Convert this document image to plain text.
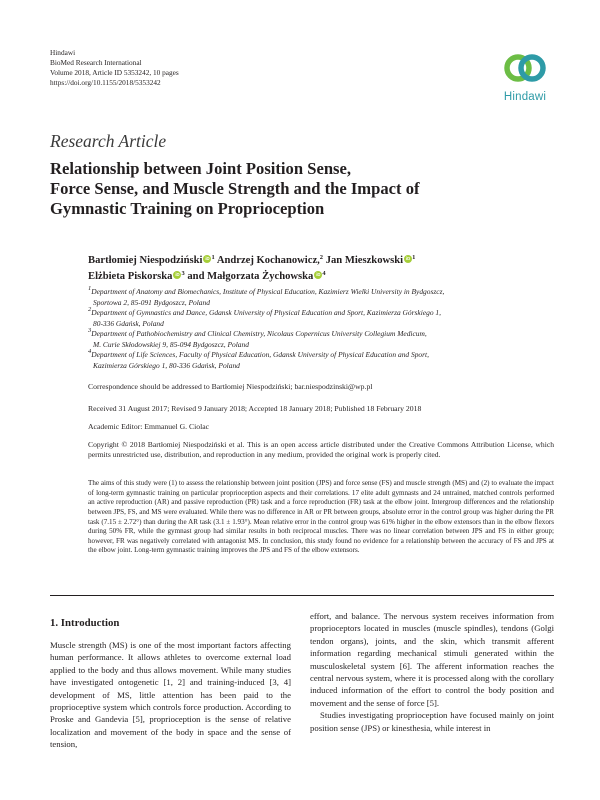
Hindawi
BioMed Research International
Volume 2018, Article ID 5353242, 10 pages
https://doi.org/10.1155/2018/5353242
Hindawi
Research Article
Relationship between Joint Position Sense,
Force Sense, and Muscle Strength and the Impact of
Gymnastic Training on Proprioception
Bartłomiej Niespodziński iD $^1$ Andrzej Kochanowicz,$^2$ Jan Mieszkowski iD $^1$
Elżbieta Piskorska iD $^3$ and Małgorzata Żychowska iD $^4$
$^1$Department of Anatomy and Biomechanics, Institute of Physical Education, Kazimierz Wielki University in Bydgoszcz,
Sportowa 2, 85-091 Bydgoszcz, Poland
$^2$Department of Gymnastics and Dance, Gdansk University of Physical Education and Sport, Kazimierza Górskiego 1,
80-336 Gdańsk, Poland
$^3$Department of Pathobiochemistry and Clinical Chemistry, Nicolaus Copernicus University Collegium Medicum,
M. Curie Skłodowskiej 9, 85-094 Bydgoszcz, Poland
$^4$Department of Life Sciences, Faculty of Physical Education, Gdansk University of Physical Education and Sport,
Kazimierza Górskiego 1, 80-336 Gdańsk, Poland
Correspondence should be addressed to Bartłomiej Niespodziński; bar.niespodzinski@wp.pl
Received 31 August 2017; Revised 9 January 2018; Accepted 18 January 2018; Published 18 February 2018
Academic Editor: Emmanuel G. Ciolac
Copyright © 2018 Bartłomiej Niespodziński et al. This is an open access article distributed under the Creative Commons Attribution License, which permits unrestricted use, distribution, and reproduction in any medium, provided the original work is properly cited.
The aims of this study were (1) to assess the relationship between joint position (JPS) and force sense (FS) and muscle strength (MS) and (2) to evaluate the impact of long-term gymnastic training on particular proprioception aspects and their correlations. 17 elite adult gymnasts and 24 untrained, matched controls performed an active reproduction (AR) and passive reproduction (PR) task and a force reproduction (FR) task at the elbow joint. Intergroup differences and the relationship between JPS, FS, and MS were evaluated. While there was no difference in AR or PR between groups, absolute error in the control group was higher during the PR task (7.15 ± 2.72°) than during the AR task (3.1 ± 1.93°). Mean relative error in the control group was 61% higher in the elbow extensors than in the elbow flexors during 50% FR, while the gymnast group had similar results in both reciprocal muscles. There was no linear correlation between JPS and FS in either group; however, FR was negatively correlated with antagonist MS. In conclusion, this study found no evidence for a relationship between the accuracy of FS and JPS at the elbow joint. Long-term gymnastic training improves the JPS and FS of the elbow extensors.
1. Introduction

Muscle strength (MS) is one of the most important factors affecting human performance. It allows athletes to overcome external load applied to the body and thus allows movement. While many studies have investigated ontogenetic [1, 2] and training-induced [3, 4] development of MS, little attention has been paid to the proprioceptive system which controls force production. According to Proske and Gandevia [5], proprioception is the sense of relative localization and movement of the body in space and the sense of tension,

effort, and balance. The nervous system receives information from proprioceptors located in muscles (muscle spindles), tendons (Golgi tendon organs), joints, and the skin, which transmit afferent information regarding mechanical stimuli generated within the musculoskeletal system [6]. The afferent information reaches the central nervous system, where it is processed along with the corollary induced information of the effort to control the body position and movement and the sense of force [5].

Studies investigating proprioception have focused mainly on joint position sense (JPS) or kinesthesia, while interest in
